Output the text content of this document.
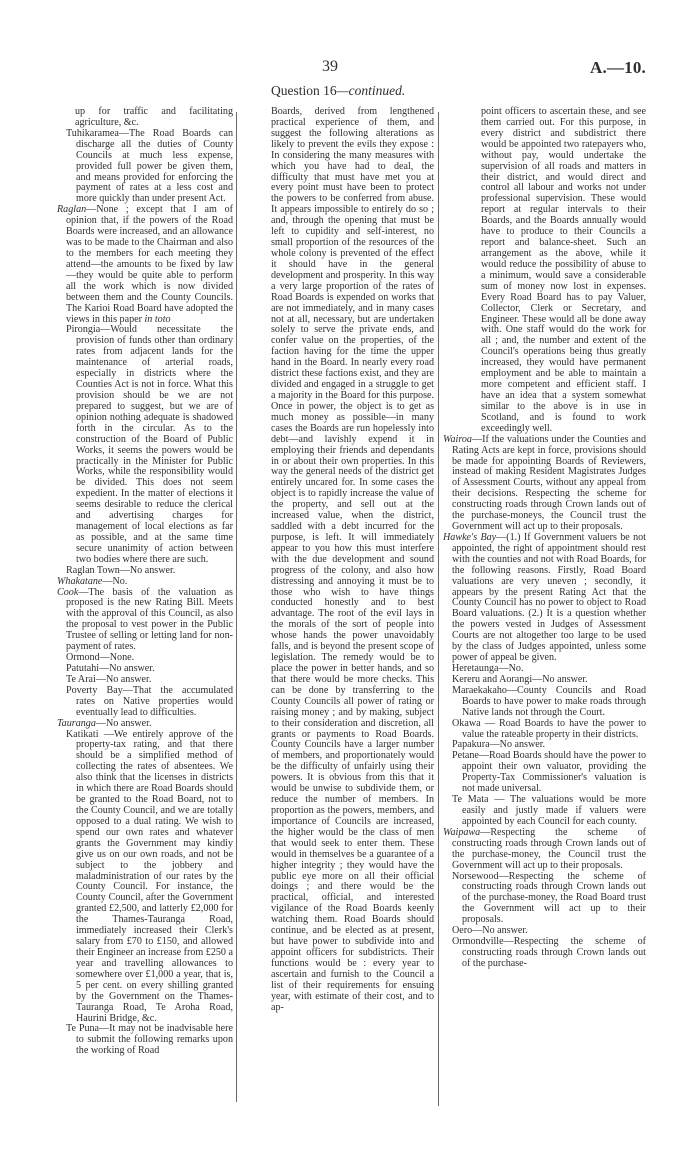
39	A.—10.
Question 16—continued.

up for traffic and facilitating agriculture, &c.

Tuhikaramea—The Road Boards can discharge all the duties of County Councils at much less expense, provided full power be given them, and means provided for enforcing the payment of rates at a less cost and more quickly than under present Act.

Raglan—None ; except that I am of opinion that, if the powers of the Road Boards were increased, and an allowance was to be made to the Chairman and also to the members for each meeting they attend—the amounts to be fixed by law—they would be quite able to perform all the work which is now divided between them and the County Councils. The Karioi Road Board have adopted the views in this paper in toto

Pirongia—Would necessitate the provision of funds other than ordinary rates from adjacent lands for the maintenance of arterial roads, especially in districts where the Counties Act is not in force. What this provision should be we are not prepared to suggest, but we are of opinion nothing adequate is shadowed forth in the circular. As to the construction of the Board of Public Works, it seems the powers would be practically in the Minister for Public Works, while the responsibility would be divided. This does not seem expedient. In the matter of elections it seems desirable to reduce the clerical and advertising charges for management of local elections as far as possible, and at the same time secure unanimity of action between two bodies where there are such.

Raglan Town—No answer.

Whakatane—No.

Cook—The basis of the valuation as proposed is the new Rating Bill. Meets with the approval of this Council, as also the proposal to vest power in the Public Trustee of selling or letting land for non-payment of rates.

Ormond—None.

Patutahi—No answer.

Te Arai—No answer.

Poverty Bay—That the accumulated rates on Native properties would eventually lead to difficulties.

Tauranga—No answer.

Katikati —We entirely approve of the property-tax rating, and that there should be a simplified method of collecting the rates of absentees. We also think that the licenses in districts in which there are Road Boards should be granted to the Road Board, not to the County Council, and we are totally opposed to a dual rating. We wish to spend our own rates and whatever grants the Government may kindiy give us on our own roads, and not be subject to the jobbery and maladministration of our rates by the County Council. For instance, the County Council, after the Government granted £2,500, and latterly £2,000 for the Thames-Tauranga Road, immediately increased their Clerk's salary from £70 to £150, and allowed their Engineer an increase from £250 a year and travelling allowances to somewhere over £1,000 a year, that is, 5 per cent. on every shilling granted by the Government on the Thames-Tauranga Road, Te Aroha Road, Haurini Bridge, &c.

Te Puna—It may not be inadvisable here to submit the following remarks upon the working of Road

Boards, derived from lengthened practical experience of them, and suggest the following alterations as likely to prevent the evils they expose : In considering the many measures with which you have had to deal, the difficulty that must have met you at every point must have been to protect the powers to be conferred from abuse. It appears impossible to entirely do so ; and, through the opening that must be left to cupidity and self-interest, no small proportion of the resources of the whole colony is prevented of the effect it should have in the general development and prosperity. In this way a very large proportion of the rates of Road Boards is expended on works that are not immediately, and in many cases not at all, necessary, but are undertaken solely to serve the private ends, and confer value on the properties, of the faction having for the time the upper hand in the Board. In nearly every road district these factions exist, and they are divided and engaged in a struggle to get a majority in the Board for this purpose. Once in power, the object is to get as much money as possible—in many cases the Boards are run hopelessly into debt—and lavishly expend it in employing their friends and dependants in or about their own properties. In this way the general needs of the district get entirely uncared for. In some cases the object is to rapidly increase the value of the property, and sell out at the increased value, when the district, saddled with a debt incurred for the purpose, is left. It will immediately appear to you how this must interfere with the due development and sound progress of the colony, and also how distressing and annoying it must be to those who wish to have things conducted honestly and to best advantage. The root of the evil lays in the morals of the sort of people into whose hands the power unavoidably falls, and is beyond the present scope of legislation. The remedy would be to place the power in better hands, and so that there would be more checks. This can be done by transferring to the County Councils all power of rating or raising money ; and by making, subject to their consideration and discretion, all grants or payments to Road Boards. County Councils have a larger number of members, and proportionately would be the difficulty of unfairly using their powers. It is obvious from this that it would be unwise to subdivide them, or reduce the number of members. In proportion as the powers, members, and importance of Councils are increased, the higher would be the class of men that would seek to enter them. These would in themselves be a guarantee of a higher integrity ; they would have the public eye more on all their official doings ; and there would be the practical, official, and interested vigilance of the Road Boards keenly watching them. Road Boards should continue, and be elected as at present, but have power to subdivide into and appoint officers for subdistricts. Their functions would be : every year to ascertain and furnish to the Council a list of their requirements for ensuing year, with estimate of their cost, and to ap-

point officers to ascertain these, and see them carried out. For this purpose, in every district and subdistrict there would be appointed two ratepayers who, without pay, would undertake the supervision of all roads and matters in their district, and would direct and control all labour and works not under professional supervision. These would report at regular intervals to their Boards, and the Boards annually would have to produce to their Councils a report and balance-sheet. Such an arrangement as the above, while it would reduce the possibility of abuse to a minimum, would save a considerable sum of money now lost in expenses. Every Road Board has to pay Valuer, Collector, Clerk or Secretary, and Engineer. These would all be done away with. One staff would do the work for all ; and, the number and extent of the Council's operations being thus greatly increased, they would have permanent employment and be able to maintain a more competent and efficient staff. I have an idea that a system somewhat similar to the above is in use in Scotland, and is found to work exceedingly well.

Wairoa—If the valuations under the Counties and Rating Acts are kept in force, provisions should be made for appointing Boards of Reviewers, instead of making Resident Magistrates Judges of Assessment Courts, without any appeal from their decisions. Respecting the scheme for constructing roads through Crown lands out of the purchase-moneys, the Council trust the Government will act up to their proposals.

Hawke's Bay—(1.) If Government valuers be not appointed, the right of appointment should rest with the counties and not with Road Boards, for the following reasons. Firstly, Road Board valuations are very uneven ; secondly, it appears by the present Rating Act that the County Council has no power to object to Road Board valuations. (2.) It is a question whether the powers vested in Judges of Assessment Courts are not altogether too large to be used by the class of Judges appointed, unless some power of appeal be given.

Heretaunga—No.

Kereru and Aorangi—No answer.

Maraekakaho—County Councils and Road Boards to have power to make roads through Native lands not through the Court.

Okawa — Road Boards to have the power to value the rateable property in their districts.

Papakura—No answer.

Petane—Road Boards should have the power to appoint their own valuator, providing the Property-Tax Commissioner's valuation is not made universal.

Te Mata — The valuations would be more easily and justly made if valuers were appointed by each Council for each county.

Waipawa—Respecting the scheme of constructing roads through Crown lands out of the purchase-money, the Council trust the Government will act up to their proposals.

Norsewood—Respecting the scheme of constructing roads through Crown lands out of the purchase-money, the Road Board trust the Government will act up to their proposals.

Oero—No answer.

Ormondville—Respecting the scheme of constructing roads through Crown lands out of the purchase-
